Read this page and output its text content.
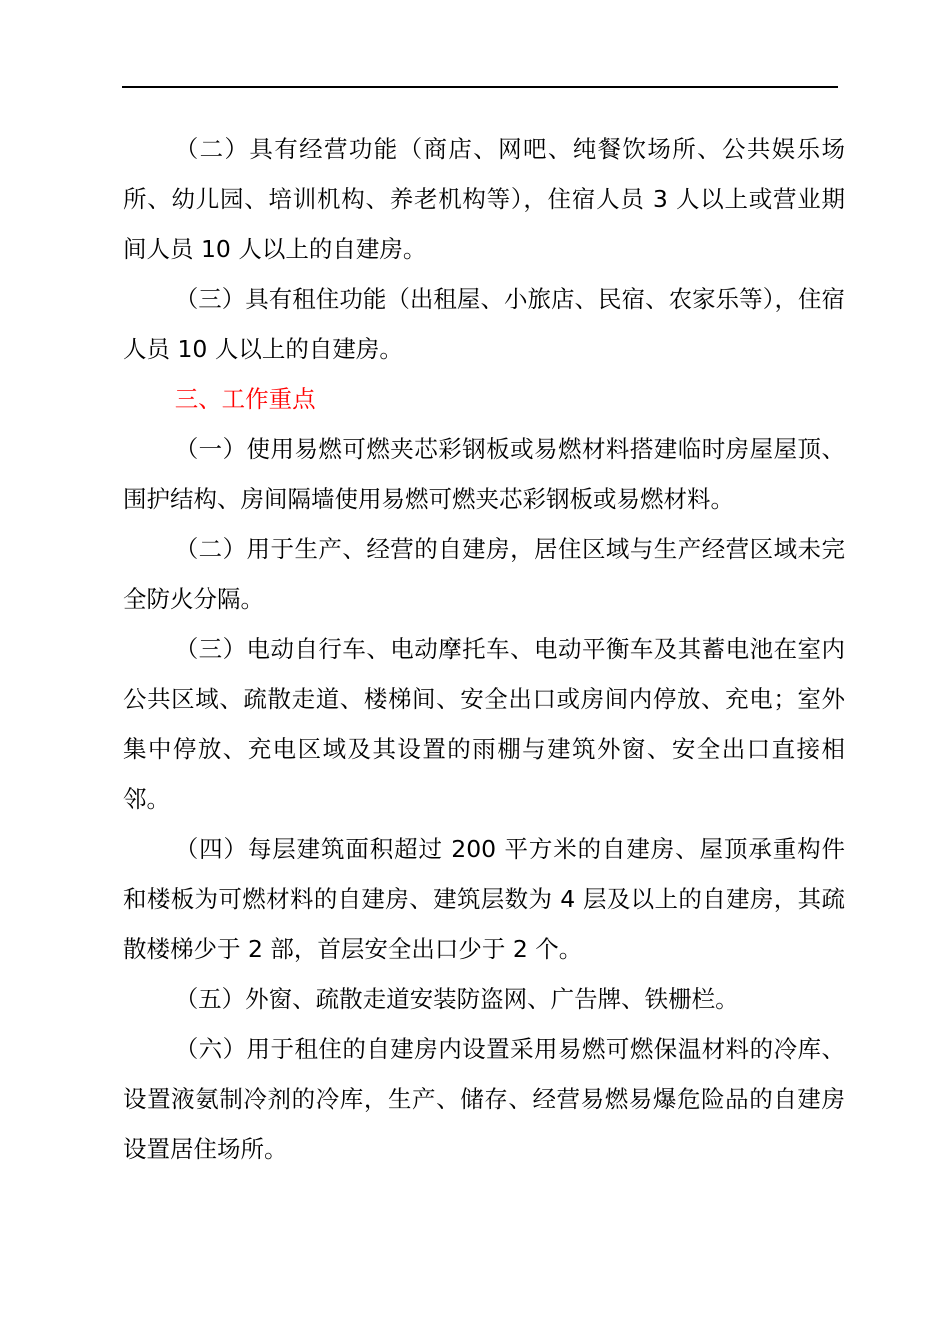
（二）具有经营功能（商店、网吧、纯餐饮场所、公共娱乐场所、幼儿园、培训机构、养老机构等），住宿人员 3 人以上或营业期间人员 10 人以上的自建房。

（三）具有租住功能（出租屋、小旅店、民宿、农家乐等），住宿人员 10 人以上的自建房。

三、工作重点

（一）使用易燃可燃夹芯彩钢板或易燃材料搭建临时房屋屋顶、围护结构、房间隔墙使用易燃可燃夹芯彩钢板或易燃材料。

（二）用于生产、经营的自建房，居住区域与生产经营区域未完全防火分隔。

（三）电动自行车、电动摩托车、电动平衡车及其蓄电池在室内公共区域、疏散走道、楼梯间、安全出口或房间内停放、充电；室外集中停放、充电区域及其设置的雨棚与建筑外窗、安全出口直接相邻。

（四）每层建筑面积超过 200 平方米的自建房、屋顶承重构件和楼板为可燃材料的自建房、建筑层数为 4 层及以上的自建房，其疏散楼梯少于 2 部，首层安全出口少于 2 个。

（五）外窗、疏散走道安装防盗网、广告牌、铁栅栏。

（六）用于租住的自建房内设置采用易燃可燃保温材料的冷库、设置液氨制冷剂的冷库，生产、储存、经营易燃易爆危险品的自建房设置居住场所。
